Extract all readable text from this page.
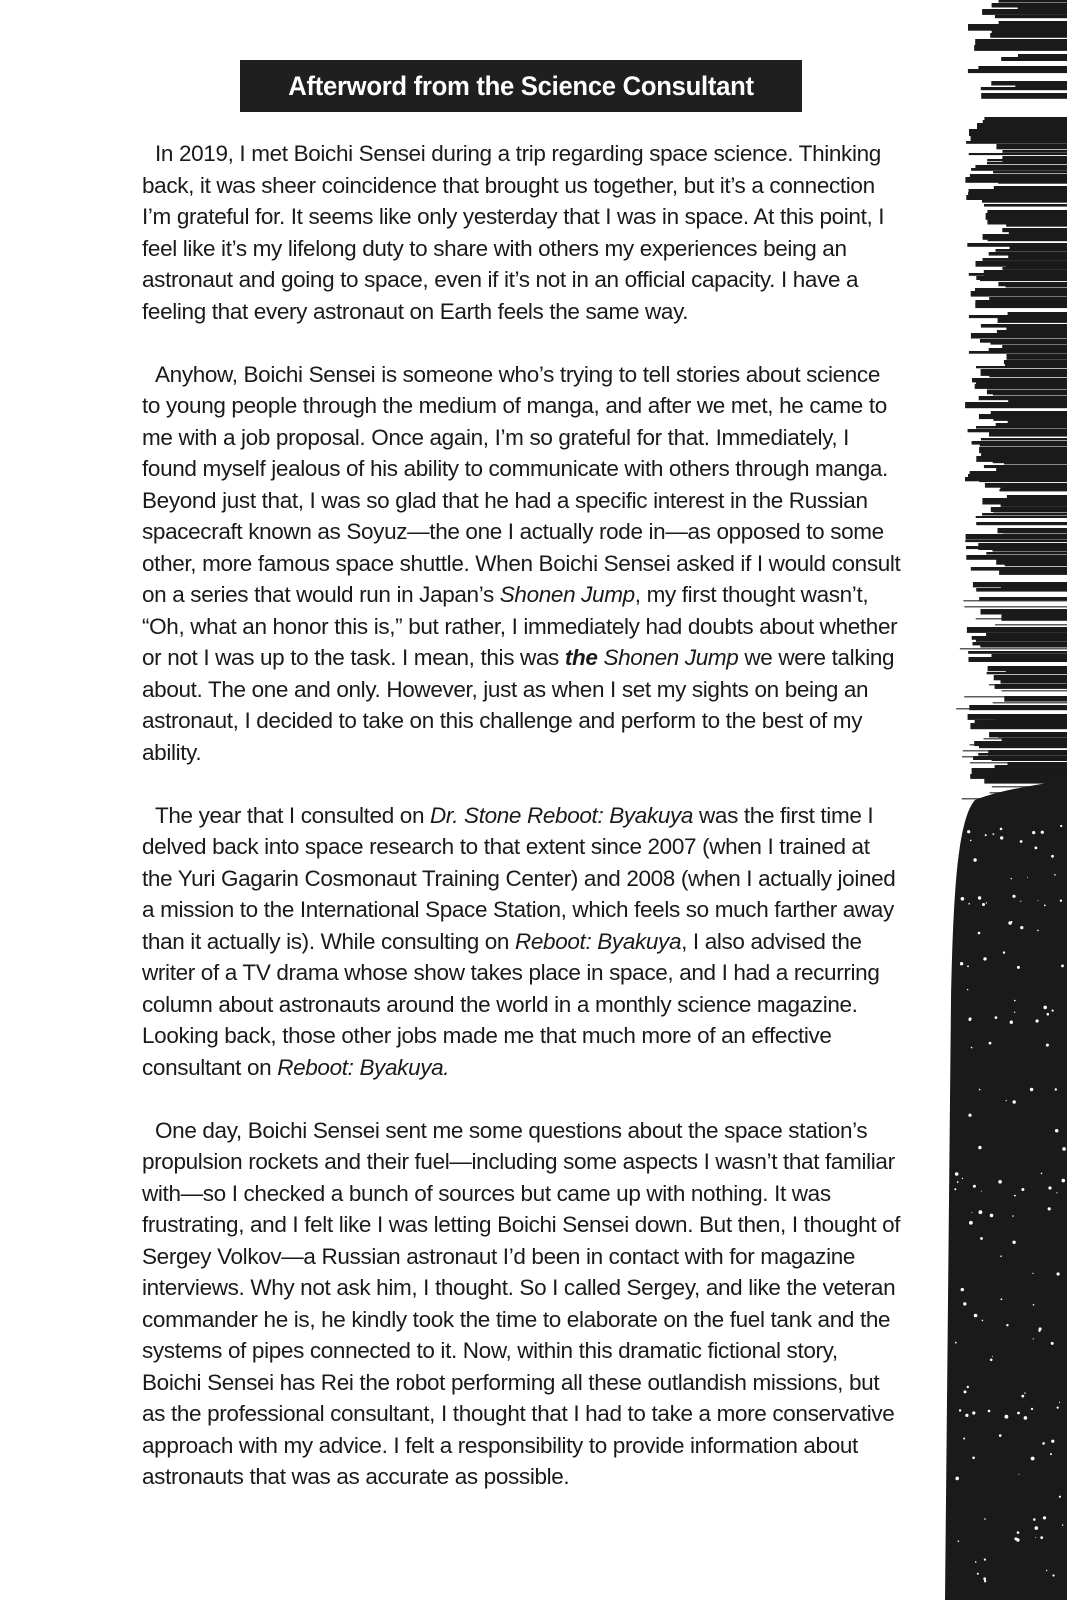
Afterword from the Science Consultant

In 2019, I met Boichi Sensei during a trip regarding space science. Thinking back, it was sheer coincidence that brought us together, but it’s a connection I’m grateful for. It seems like only yesterday that I was in space. At this point, I feel like it’s my lifelong duty to share with others my experiences being an astronaut and going to space, even if it’s not in an official capacity. I have a feeling that every astronaut on Earth feels the same way.

Anyhow, Boichi Sensei is someone who’s trying to tell stories about science to young people through the medium of manga, and after we met, he came to me with a job proposal. Once again, I’m so grateful for that. Immediately, I found myself jealous of his ability to communicate with others through manga. Beyond just that, I was so glad that he had a specific interest in the Russian spacecraft known as Soyuz—the one I actually rode in—as opposed to some other, more famous space shuttle. When Boichi Sensei asked if I would consult on a series that would run in Japan’s Shonen Jump, my first thought wasn’t, “Oh, what an honor this is,” but rather, I immediately had doubts about whether or not I was up to the task. I mean, this was the Shonen Jump we were talking about. The one and only. However, just as when I set my sights on being an astronaut, I decided to take on this challenge and perform to the best of my ability.

The year that I consulted on Dr. Stone Reboot: Byakuya was the first time I delved back into space research to that extent since 2007 (when I trained at the Yuri Gagarin Cosmonaut Training Center) and 2008 (when I actually joined a mission to the International Space Station, which feels so much farther away than it actually is). While consulting on Reboot: Byakuya, I also advised the writer of a TV drama whose show takes place in space, and I had a recurring column about astronauts around the world in a monthly science magazine. Looking back, those other jobs made me that much more of an effective consultant on Reboot: Byakuya.

One day, Boichi Sensei sent me some questions about the space station’s propulsion rockets and their fuel—including some aspects I wasn’t that familiar with—so I checked a bunch of sources but came up with nothing. It was frustrating, and I felt like I was letting Boichi Sensei down. But then, I thought of Sergey Volkov—a Russian astronaut I’d been in contact with for magazine interviews. Why not ask him, I thought. So I called Sergey, and like the veteran commander he is, he kindly took the time to elaborate on the fuel tank and the systems of pipes connected to it. Now, within this dramatic fictional story, Boichi Sensei has Rei the robot performing all these outlandish missions, but as the professional consultant, I thought that I had to take a more conservative approach with my advice. I felt a responsibility to provide information about astronauts that was as accurate as possible.
